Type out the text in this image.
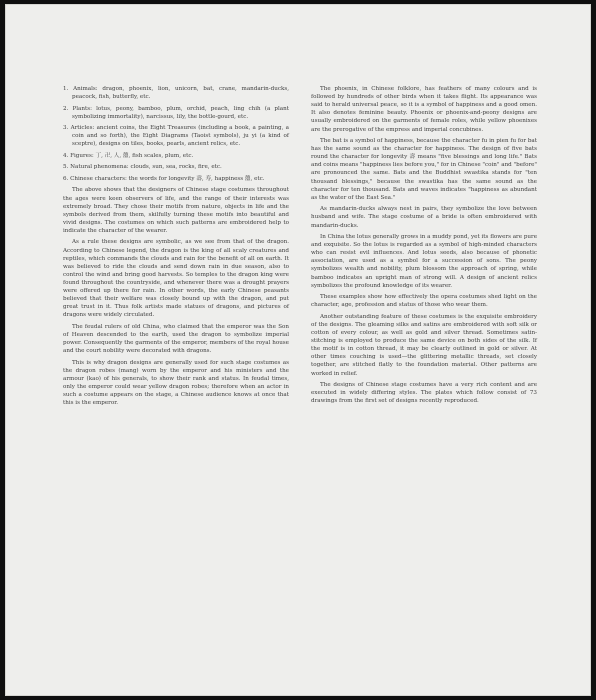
1. Animals: dragon, phoenix, lion, unicorn, bat, crane, mandarin-ducks, peacock, fish, butterfly, etc.

2. Plants: lotus, peony, bamboo, plum, orchid, peach, ling chih (a plant symbolizing immortality), narcissus, lily, the bottle-gourd, etc.

3. Articles: ancient coins, the Eight Treasures (including a book, a painting, a coin and so forth), the Eight Diagrams (Taoist symbols), ju yi (a kind of sceptre), designs on tiles, books, pearls, ancient relics, etc.

4. Figures: 丁, 卍, 人, 囍, fish scales, plum, etc.

5. Natural phenomena: clouds, sun, sea, rocks, fire, etc.

6. Chinese characters: the words for longevity 壽, 寿, happiness 囍, etc.

The above shows that the designers of Chinese stage costumes throughout the ages were keen observers of life, and the range of their interests was extremely broad. They chose their motifs from nature, objects in life and the symbols derived from them, skilfully turning these motifs into beautiful and vivid designs. The costumes on which such patterns are embroidered help to indicate the character of the wearer.

As a rule these designs are symbolic, as we see from that of the dragon. According to Chinese legend, the dragon is the king of all scaly creatures and reptiles, which commands the clouds and rain for the benefit of all on earth. It was believed to ride the clouds and send down rain in due season, also to control the wind and bring good harvests. So temples to the dragon king were found throughout the countryside, and whenever there was a drought prayers were offered up there for rain. In other words, the early Chinese peasants believed that their welfare was closely bound up with the dragon, and put great trust in it. Thus folk artists made statues of dragons, and pictures of dragons were widely circulated.

The feudal rulers of old China, who claimed that the emperor was the Son of Heaven descended to the earth, used the dragon to symbolize imperial power. Consequently the garments of the emperor, members of the royal house and the court nobility were decorated with dragons.

This is why dragon designs are generally used for such stage costumes as the dragon robes (mang) worn by the emperor and his ministers and the armour (kao) of his generals, to show their rank and status. In feudal times, only the emperor could wear yellow dragon robes; therefore when an actor in such a costume appears on the stage, a Chinese audience knows at once that this is the emperor.

The phoenix, in Chinese folklore, has feathers of many colours and is followed by hundreds of other birds when it takes flight. Its appearance was said to herald universal peace, so it is a symbol of happiness and a good omen. It also denotes feminine beauty. Phoenix or phoenix-and-peony designs are usually embroidered on the garments of female roles, while yellow phoenixes are the prerogative of the empress and imperial concubines.

The bat is a symbol of happiness, because the character fu in pien fu for bat has the same sound as the character for happiness. The design of five bats round the character for longevity 壽 means "five blessings and long life." Bats and coins means "happiness lies before you," for in Chinese "coin" and "before" are pronounced the same. Bats and the Buddhist swastika stands for "ten thousand blessings," because the swastika has the same sound as the character for ten thousand. Bats and waves indicates "happiness as abundant as the water of the East Sea."

As mandarin-ducks always nest in pairs, they symbolize the love between husband and wife. The stage costume of a bride is often embroidered with mandarin-ducks.

In China the lotus generally grows in a muddy pond, yet its flowers are pure and exquisite. So the lotus is regarded as a symbol of high-minded characters who can resist evil influences. And lotus seeds, also because of phonetic association, are used as a symbol for a succession of sons. The peony symbolizes wealth and nobility, plum blossom the approach of spring, while bamboo indicates an upright man of strong will. A design of ancient relics symbolizes the profound knowledge of its wearer.

These examples show how effectively the opera costumes shed light on the character, age, profession and status of those who wear them.

Another outstanding feature of these costumes is the exquisite embroidery of the designs. The gleaming silks and satins are embroidered with soft silk or cotton of every colour, as well as gold and silver thread. Sometimes satin-stitching is employed to produce the same device on both sides of the silk. If the motif is in cotton thread, it may be clearly outlined in gold or silver. At other times couching is used—the glittering metallic threads, set closely together, are stitched flatly to the foundation material. Other patterns are worked in relief.

The designs of Chinese stage costumes have a very rich content and are executed in widely differing styles. The plates which follow consist of 73 drawings from the first set of designs recently reproduced.
